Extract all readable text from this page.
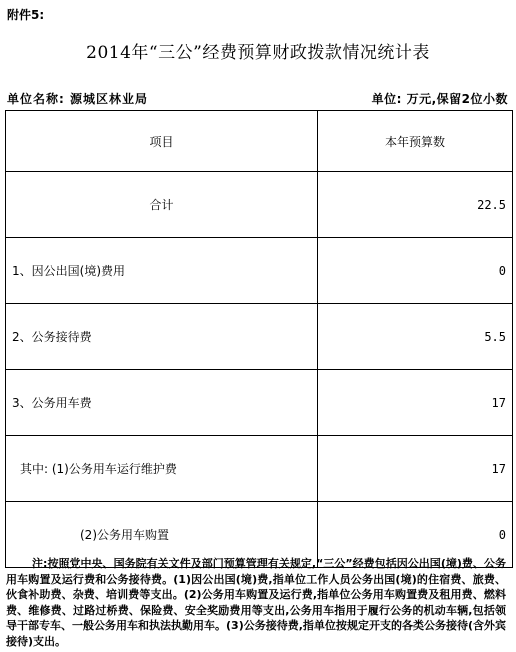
附件5:
2014年“三公”经费预算财政拨款情况统计表
单位名称: 源城区林业局	单位: 万元,保留2位小数
项目	本年预算数
合计	22.5
1、因公出国(境)费用	0
2、公务接待费	5.5
3、公务用车费	17
其中: (1)公务用车运行维护费	17
(2)公务用车购置	0
注:按照党中央、国务院有关文件及部门预算管理有关规定,“三公”经费包括因公出国(境)费、公务用车购置及运行费和公务接待费。(1)因公出国(境)费,指单位工作人员公务出国(境)的住宿费、旅费、伙食补助费、杂费、培训费等支出。(2)公务用车购置及运行费,指单位公务用车购置费及租用费、燃料费、维修费、过路过桥费、保险费、安全奖励费用等支出,公务用车指用于履行公务的机动车辆,包括领导干部专车、一般公务用车和执法执勤用车。(3)公务接待费,指单位按规定开支的各类公务接待(含外宾接待)支出。
